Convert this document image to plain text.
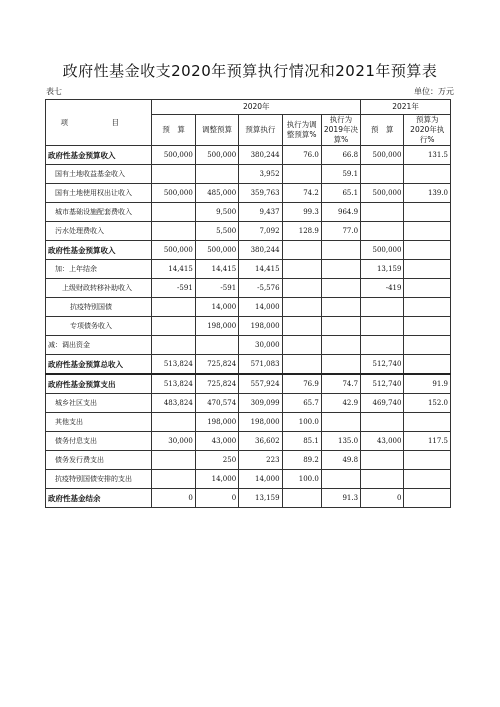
政府性基金收支2020年预算执行情况和2021年预算表
表七	单位：万元
项　目	2020年					2021年	
	预　算	调整预算	预算执行	执行为调整预算%	执行为2019年决算%	预　算	预算为2020年执行%
政府性基金预算收入	500,000	500,000	380,244	76.0	66.8	500,000	131.5
国有土地收益基金收入			3,952		59.1		
国有土地使用权出让收入	500,000	485,000	359,763	74.2	65.1	500,000	139.0
城市基础设施配套费收入		9,500	9,437	99.3	964.9		
污水处理费收入		5,500	7,092	128.9	77.0		
政府性基金预算收入	500,000	500,000	380,244			500,000	
加：上年结余	14,415	14,415	14,415			13,159	
上级财政转移补助收入	-591	-591	-5,576			-419	
抗疫特别国债		14,000	14,000				
专项债务收入		198,000	198,000				
减：调出资金			30,000				
政府性基金预算总收入	513,824	725,824	571,083			512,740	
政府性基金预算支出	513,824	725,824	557,924	76.9	74.7	512,740	91.9
城乡社区支出	483,824	470,574	309,099	65.7	42.9	469,740	152.0
其他支出		198,000	198,000	100.0			
债务付息支出	30,000	43,000	36,602	85.1	135.0	43,000	117.5
债务发行费支出		250	223	89.2	49.8		
抗疫特别国债安排的支出		14,000	14,000	100.0			
政府性基金结余	0	0	13,159		91.3	0	
